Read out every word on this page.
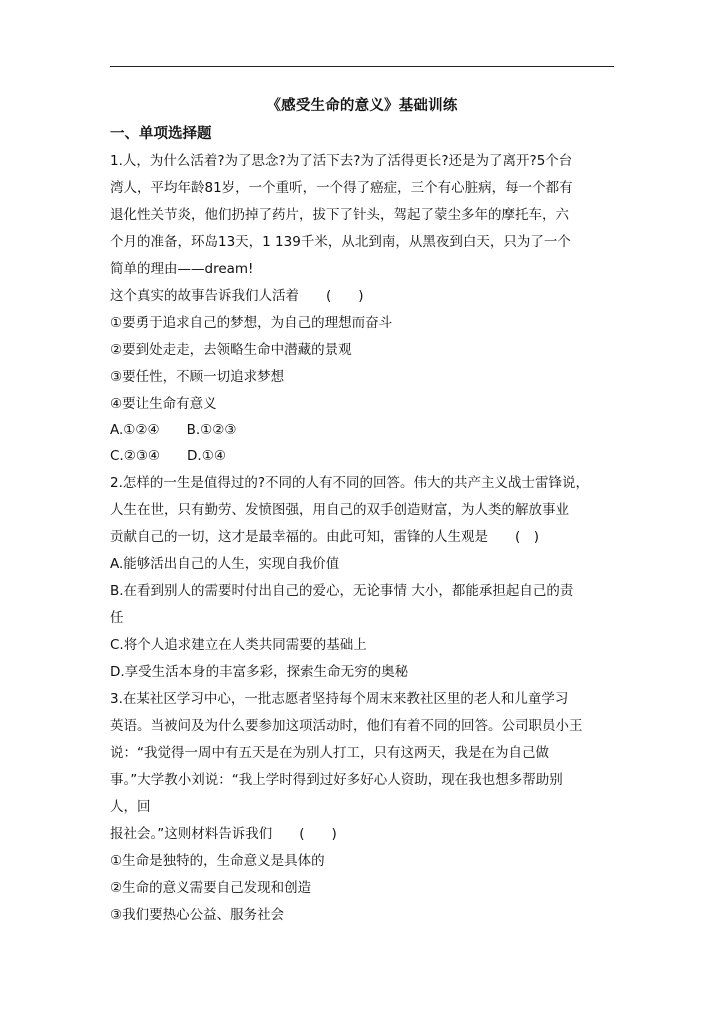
《感受生命的意义》基础训练
一、单项选择题
1.人，为什么活着?为了思念?为了活下去?为了活得更长?还是为了离开?5个台
湾人，平均年龄81岁，一个重听，一个得了癌症，三个有心脏病，每一个都有
退化性关节炎，他们扔掉了药片，拔下了针头，驾起了蒙尘多年的摩托车，六
个月的准备，环岛13天，1 139千米，从北到南，从黑夜到白天，只为了一个
简单的理由——dream!
这个真实的故事告诉我们人活着　　(　　)
①要勇于追求自己的梦想，为自己的理想而奋斗
②要到处走走，去领略生命中潜藏的景观
③要任性，不顾一切追求梦想
④要让生命有意义
A.①②④　　B.①②③
C.②③④　　D.①④
2.怎样的一生是值得过的?不同的人有不同的回答。伟大的共产主义战士雷锋说，
人生在世，只有勤劳、发愤图强，用自己的双手创造财富，为人类的解放事业
贡献自己的一切，这才是最幸福的。由此可知，雷锋的人生观是　　(　)
A.能够活出自己的人生，实现自我价值
B.在看到别人的需要时付出自己的爱心，无论事情 大小，都能承担起自己的责
任
C.将个人追求建立在人类共同需要的基础上
D.享受生活本身的丰富多彩，探索生命无穷的奥秘
3.在某社区学习中心，一批志愿者坚持每个周末来教社区里的老人和儿童学习
英语。当被问及为什么要参加这项活动时，他们有着不同的回答。公司职员小王
说：“我觉得一周中有五天是在为别人打工，只有这两天，我是在为自己做
事。”大学教小刘说：“我上学时得到过好多好心人资助，现在我也想多帮助别
人，回
报社会。”这则材料告诉我们　　(　　)
①生命是独特的，生命意义是具体的
②生命的意义需要自己发现和创造
③我们要热心公益、服务社会
